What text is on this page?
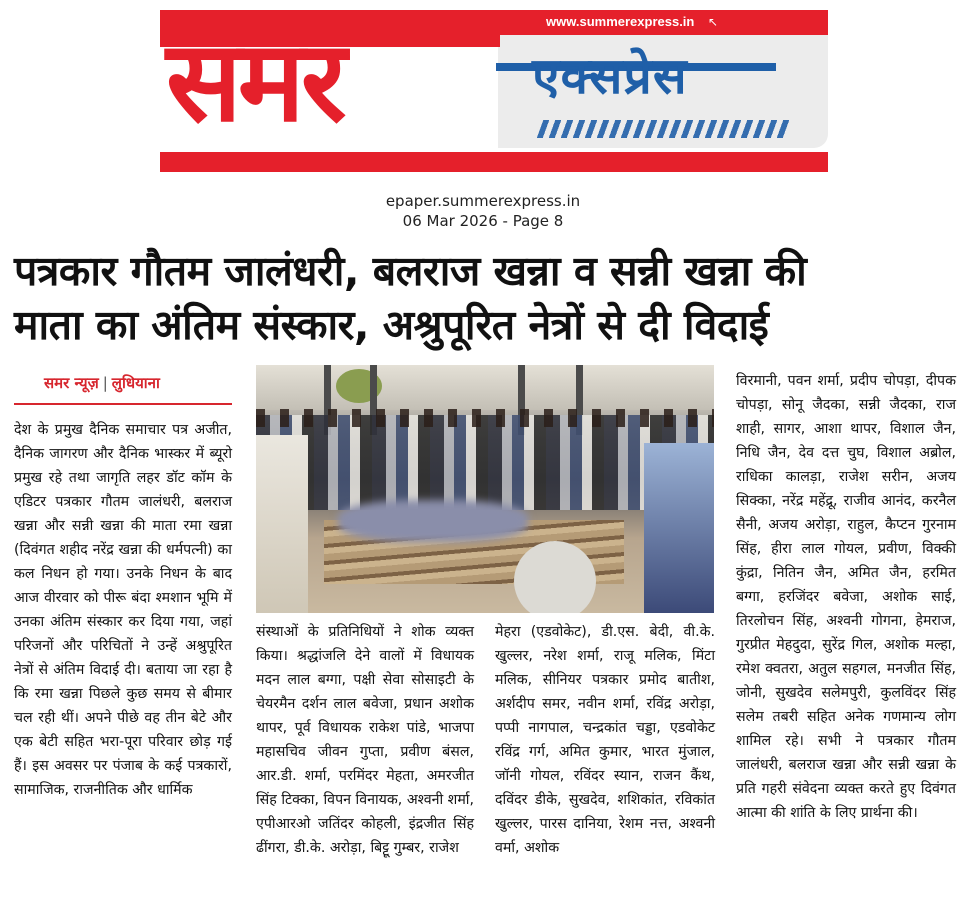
समर	www.summerexpress.in ↖
एक्सप्रेस
epaper.summerexpress.in
06 Mar 2026 - Page 8
पत्रकार गौतम जालंधरी, बलराज खन्ना व सन्नी खन्ना की
माता का अंतिम संस्कार, अश्रुपूरित नेत्रों से दी विदाई
समर न्यूज़ | लुधियाना

देश के प्रमुख दैनिक समाचार पत्र अजीत, दैनिक जागरण और दैनिक भास्कर में ब्यूरो प्रमुख रहे तथा जागृति लहर डॉट कॉम के एडिटर पत्रकार गौतम जालंधरी, बलराज खन्ना और सन्नी खन्ना की माता रमा खन्ना (दिवंगत शहीद नरेंद्र खन्ना की धर्मपत्नी) का कल निधन हो गया। उनके निधन के बाद आज वीरवार को पीरू बंदा श्मशान भूमि में उनका अंतिम संस्कार कर दिया गया, जहां परिजनों और परिचितों ने उन्हें अश्रुपूरित नेत्रों से अंतिम विदाई दी। बताया जा रहा है कि रमा खन्ना पिछले कुछ समय से बीमार चल रही थीं। अपने पीछे वह तीन बेटे और एक बेटी सहित भरा-पूरा परिवार छोड़ गई हैं। इस अवसर पर पंजाब के कई पत्रकारों, सामाजिक, राजनीतिक और धार्मिक

संस्थाओं के प्रतिनिधियों ने शोक व्यक्त किया। श्रद्धांजलि देने वालों में विधायक मदन लाल बग्गा, पक्षी सेवा सोसाइटी के चेयरमैन दर्शन लाल बवेजा, प्रधान अशोक थापर, पूर्व विधायक राकेश पांडे, भाजपा महासचिव जीवन गुप्ता, प्रवीण बंसल, आर.डी. शर्मा, परमिंदर मेहता, अमरजीत सिंह टिक्का, विपन विनायक, अश्वनी शर्मा, एपीआरओ जतिंदर कोहली, इंद्रजीत सिंह ढींगरा, डी.के. अरोड़ा, बिट्टू गुम्बर, राजेश

मेहरा (एडवोकेट), डी.एस. बेदी, वी.के. खुल्लर, नरेश शर्मा, राजू मलिक, मिंटा मलिक, सीनियर पत्रकार प्रमोद बातीश, अर्शदीप समर, नवीन शर्मा, रविंद्र अरोड़ा, पप्पी नागपाल, चन्द्रकांत चड्डा, एडवोकेट रविंद्र गर्ग, अमित कुमार, भारत मुंजाल, जॉनी गोयल, रविंदर स्यान, राजन कैंथ, दविंदर डीके, सुखदेव, शशिकांत, रविकांत खुल्लर, पारस दानिया, रेशम नत्त, अश्वनी वर्मा, अशोक

विरमानी, पवन शर्मा, प्रदीप चोपड़ा, दीपक चोपड़ा, सोनू जैदका, सन्नी जैदका, राज शाही, सागर, आशा थापर, विशाल जैन, निधि जैन, देव दत्त चुघ, विशाल अब्रोल, राधिका कालड़ा, राजेश सरीन, अजय सिक्का, नरेंद्र महेंद्रू, राजीव आनंद, करनैल सैनी, अजय अरोड़ा, राहुल, कैप्टन गुरनाम सिंह, हीरा लाल गोयल, प्रवीण, विक्की कुंद्रा, नितिन जैन, अमित जैन, हरमित बग्गा, हरजिंदर बवेजा, अशोक साई, तिरलोचन सिंह, अश्वनी गोगना, हेमराज, गुरप्रीत मेहदुदा, सुरेंद्र गिल, अशोक मल्हा, रमेश क्वतरा, अतुल सहगल, मनजीत सिंह, जोनी, सुखदेव सलेमपुरी, कुलविंदर सिंह सलेम तबरी सहित अनेक गणमान्य लोग शामिल रहे। सभी ने पत्रकार गौतम जालंधरी, बलराज खन्ना और सन्नी खन्ना के प्रति गहरी संवेदना व्यक्त करते हुए दिवंगत आत्मा की शांति के लिए प्रार्थना की।
